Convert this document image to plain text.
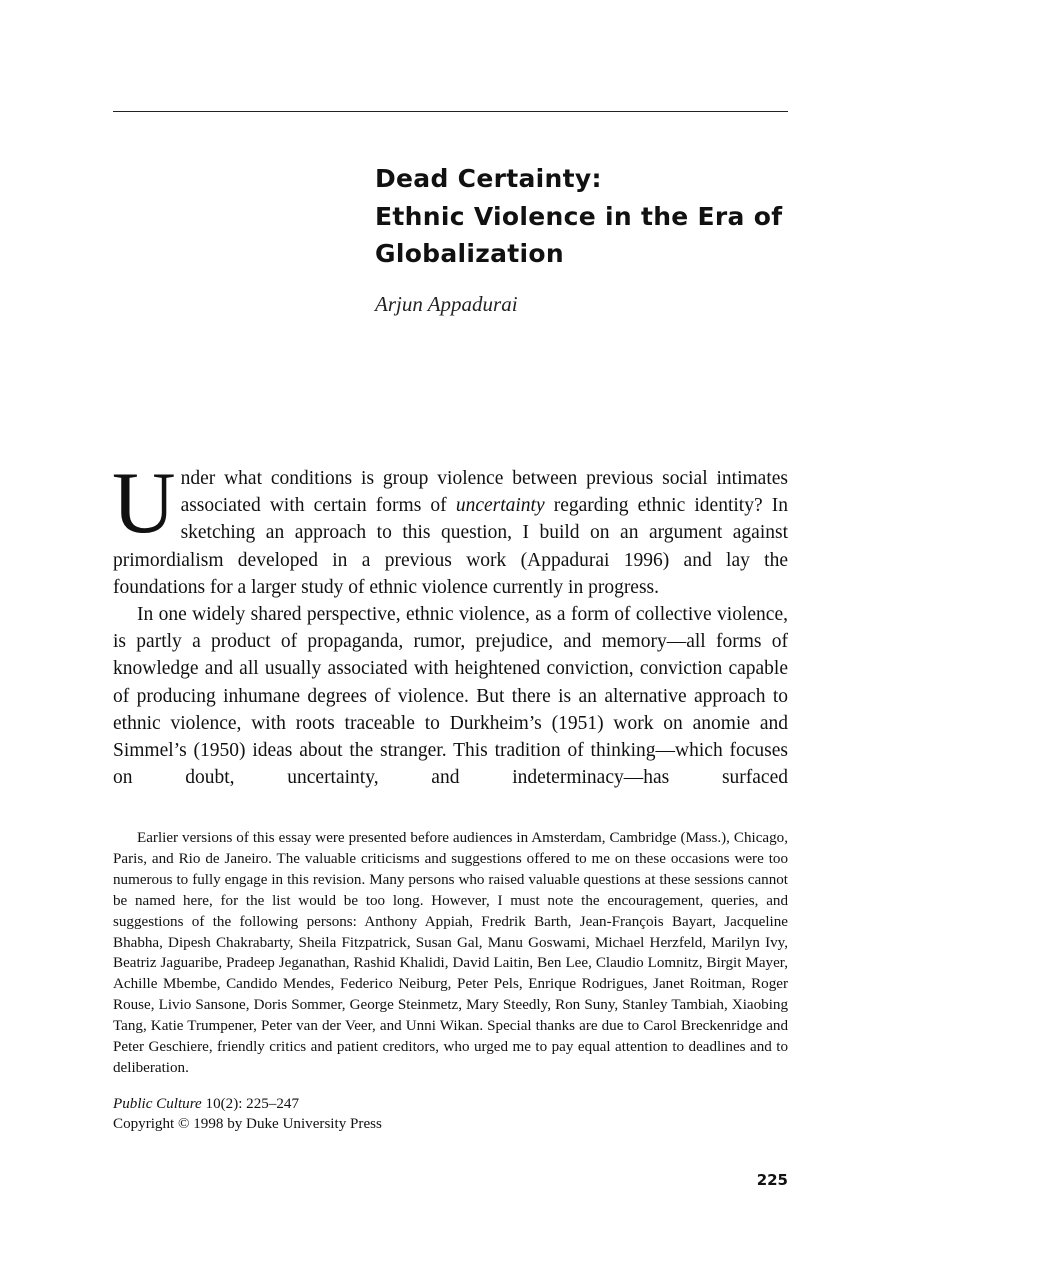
Dead Certainty:
Ethnic Violence in the Era of
Globalization

Arjun Appadurai

Under what conditions is group violence between previous social intimates associated with certain forms of uncertainty regarding ethnic identity? In sketching an approach to this question, I build on an argument against primordialism developed in a previous work (Appadurai 1996) and lay the foundations for a larger study of ethnic violence currently in progress.

In one widely shared perspective, ethnic violence, as a form of collective violence, is partly a product of propaganda, rumor, prejudice, and memory—all forms of knowledge and all usually associated with heightened conviction, conviction capable of producing inhumane degrees of violence. But there is an alternative approach to ethnic violence, with roots traceable to Durkheim’s (1951) work on anomie and Simmel’s (1950) ideas about the stranger. This tradition of thinking—which focuses on doubt, uncertainty, and indeterminacy—has surfaced

Earlier versions of this essay were presented before audiences in Amsterdam, Cambridge (Mass.), Chicago, Paris, and Rio de Janeiro. The valuable criticisms and suggestions offered to me on these occasions were too numerous to fully engage in this revision. Many persons who raised valuable questions at these sessions cannot be named here, for the list would be too long. However, I must note the encouragement, queries, and suggestions of the following persons: Anthony Appiah, Fredrik Barth, Jean-François Bayart, Jacqueline Bhabha, Dipesh Chakrabarty, Sheila Fitzpatrick, Susan Gal, Manu Goswami, Michael Herzfeld, Marilyn Ivy, Beatriz Jaguaribe, Pradeep Jeganathan, Rashid Khalidi, David Laitin, Ben Lee, Claudio Lomnitz, Birgit Mayer, Achille Mbembe, Candido Mendes, Federico Neiburg, Peter Pels, Enrique Rodrigues, Janet Roitman, Roger Rouse, Livio Sansone, Doris Sommer, George Steinmetz, Mary Steedly, Ron Suny, Stanley Tambiah, Xiaobing Tang, Katie Trumpener, Peter van der Veer, and Unni Wikan. Special thanks are due to Carol Breckenridge and Peter Geschiere, friendly critics and patient creditors, who urged me to pay equal attention to deadlines and to deliberation.

Public Culture 10(2): 225–247
Copyright © 1998 by Duke University Press
225
